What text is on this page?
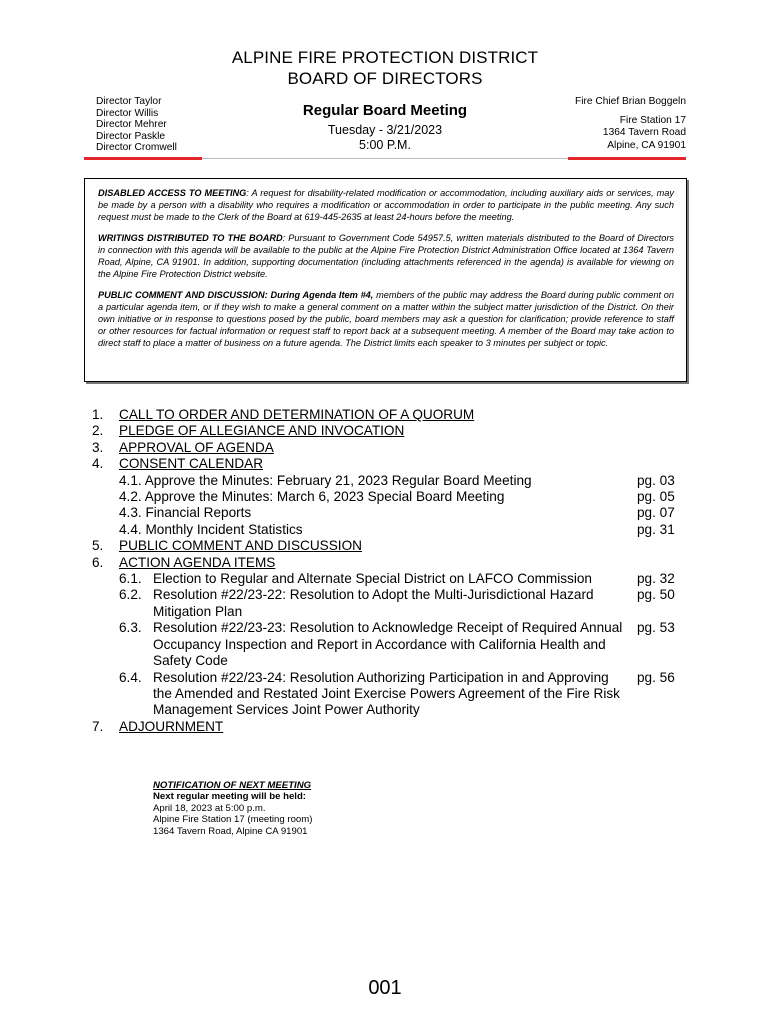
ALPINE FIRE PROTECTION DISTRICT
BOARD OF DIRECTORS
Director Taylor
Director Willis
Director Mehrer
Director Paskle
Director Cromwell
Regular Board Meeting
Tuesday - 3/21/2023
5:00 P.M.
Fire Chief Brian Boggeln
Fire Station 17
1364 Tavern Road
Alpine, CA 91901

DISABLED ACCESS TO MEETING: A request for disability-related modification or accommodation, including auxiliary aids or services, may be made by a person with a disability who requires a modification or accommodation in order to participate in the public meeting. Any such request must be made to the Clerk of the Board at 619-445-2635 at least 24-hours before the meeting.

WRITINGS DISTRIBUTED TO THE BOARD: Pursuant to Government Code 54957.5, written materials distributed to the Board of Directors in connection with this agenda will be available to the public at the Alpine Fire Protection District Administration Office located at 1364 Tavern Road, Alpine, CA 91901. In addition, supporting documentation (including attachments referenced in the agenda) is available for viewing on the Alpine Fire Protection District website.

PUBLIC COMMENT AND DISCUSSION: During Agenda Item #4, members of the public may address the Board during public comment on a particular agenda item, or if they wish to make a general comment on a matter within the subject matter jurisdiction of the District. On their own initiative or in response to questions posed by the public, board members may ask a question for clarification; provide reference to staff or other resources for factual information or request staff to report back at a subsequent meeting. A member of the Board may take action to direct staff to place a matter of business on a future agenda. The District limits each speaker to 3 minutes per subject or topic.

1.	CALL TO ORDER AND DETERMINATION OF A QUORUM
2.	PLEDGE OF ALLEGIANCE AND INVOCATION
3.	APPROVAL OF AGENDA
4.	CONSENT CALENDAR
4.1. Approve the Minutes: February 21, 2023 Regular Board Meeting	pg. 03
4.2. Approve the Minutes: March 6, 2023 Special Board Meeting	pg. 05
4.3. Financial Reports	pg. 07
4.4. Monthly Incident Statistics	pg. 31
5.	PUBLIC COMMENT AND DISCUSSION
6.	ACTION AGENDA ITEMS
6.1. Election to Regular and Alternate Special District on LAFCO Commission	pg. 32
6.2. Resolution #22/23-22: Resolution to Adopt the Multi-Jurisdictional Hazard Mitigation Plan
pg. 50
6.3. Resolution #22/23-23: Resolution to Acknowledge Receipt of Required Annual Occupancy Inspection and Report in Accordance with California Health and Safety Code
pg. 53
6.4. Resolution #22/23-24: Resolution Authorizing Participation in and Approving the Amended and Restated Joint Exercise Powers Agreement of the Fire Risk Management Services Joint Power Authority
pg. 56
7.	ADJOURNMENT
NOTIFICATION OF NEXT MEETING
Next regular meeting will be held:
April 18, 2023 at 5:00 p.m.
Alpine Fire Station 17 (meeting room)
1364 Tavern Road, Alpine CA 91901
001
